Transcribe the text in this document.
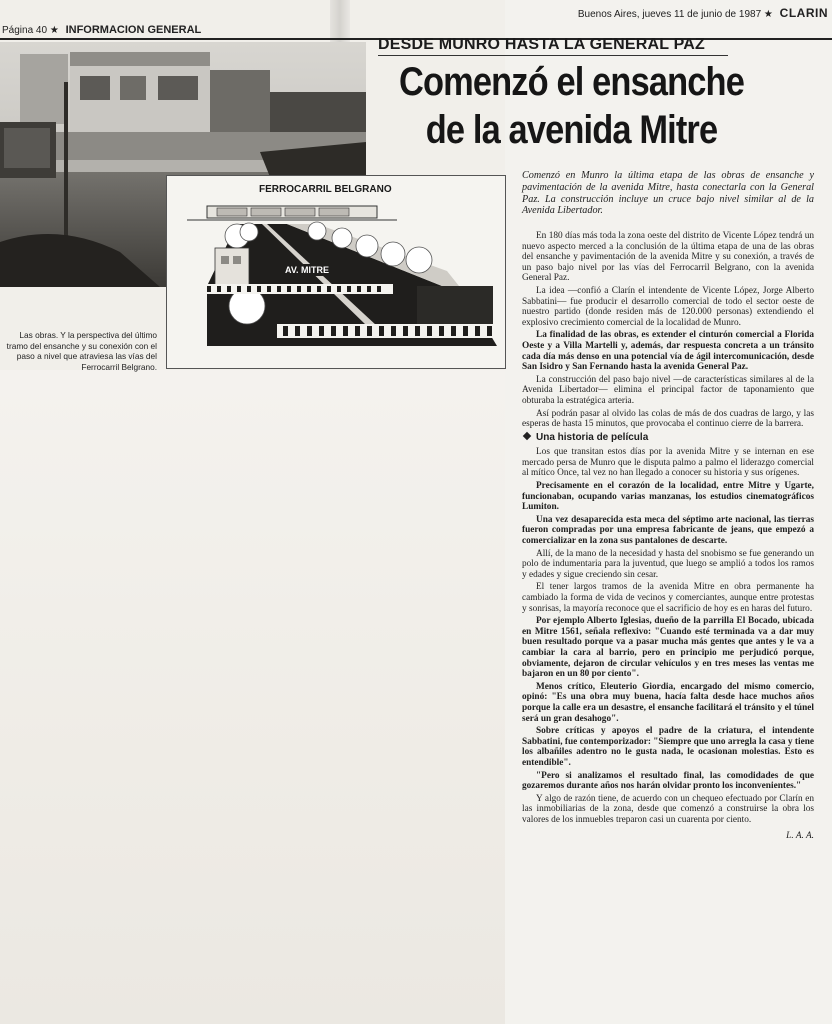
Página 40 ★ INFORMACION GENERAL
Buenos Aires, jueves 11 de junio de 1987 ★ CLARIN
FERROCARRIL BELGRANO
AV. MITRE
Las obras. Y la perspectiva del último tramo del ensanche y su conexión con el paso a nivel que atraviesa las vías del Ferrocarril Belgrano.
DESDE MUNRO HASTA LA GENERAL PAZ
Comenzó el ensanche
de la avenida Mitre
Comenzó en Munro la última etapa de las obras de ensanche y pavimentación de la avenida Mitre, hasta conectarla con la General Paz. La construcción incluye un cruce bajo nivel similar al de la Avenida Libertador.

En 180 días más toda la zona oeste del distrito de Vicente López tendrá un nuevo aspecto merced a la conclusión de la última etapa de una de las obras del ensanche y pavimentación de la avenida Mitre y su conexión, a través de un paso bajo nivel por las vías del Ferrocarril Belgrano, con la avenida General Paz.

La idea —confió a Clarín el intendente de Vicente López, Jorge Alberto Sabbatini— fue producir el desarrollo comercial de todo el sector oeste de nuestro partido (donde residen más de 120.000 personas) extendiendo el explosivo crecimiento comercial de la localidad de Munro.

La finalidad de las obras, es extender el cinturón comercial a Florida Oeste y a Villa Martelli y, además, dar respuesta concreta a un tránsito cada día más denso en una potencial vía de ágil intercomunicación, desde San Isidro y San Fernando hasta la avenida General Paz.

La construcción del paso bajo nivel —de características similares al de la Avenida Libertador— elimina el principal factor de taponamiento que obturaba la estratégica arteria.

Así podrán pasar al olvido las colas de más de dos cuadras de largo, y las esperas de hasta 15 minutos, que provocaba el continuo cierre de la barrera.

Una historia de película

Los que transitan estos días por la avenida Mitre y se internan en ese mercado persa de Munro que le disputa palmo a palmo el liderazgo comercial al mítico Once, tal vez no han llegado a conocer su historia y sus orígenes.

Precisamente en el corazón de la localidad, entre Mitre y Ugarte, funcionaban, ocupando varias manzanas, los estudios cinematográficos Lumiton.

Una vez desaparecida esta meca del séptimo arte nacional, las tierras fueron compradas por una empresa fabricante de jeans, que empezó a comercializar en la zona sus pantalones de descarte.

Allí, de la mano de la necesidad y hasta del snobismo se fue generando un polo de indumentaria para la juventud, que luego se amplió a todos los ramos y edades y sigue creciendo sin cesar.

El tener largos tramos de la avenida Mitre en obra permanente ha cambiado la forma de vida de vecinos y comerciantes, aunque entre protestas y sonrisas, la mayoría reconoce que el sacrificio de hoy es en haras del futuro.

Por ejemplo Alberto Iglesias, dueño de la parrilla El Bocado, ubicada en Mitre 1561, señala reflexivo: "Cuando esté terminada va a dar muy buen resultado porque va a pasar mucha más gentes que antes y le va a cambiar la cara al barrio, pero en principio me perjudicó porque, obviamente, dejaron de circular vehículos y en tres meses las ventas me bajaron en un 80 por ciento".

Menos crítico, Eleuterio Giordia, encargado del mismo comercio, opinó: "Es una obra muy buena, hacía falta desde hace muchos años porque la calle era un desastre, el ensanche facilitará el tránsito y el túnel será un gran desahogo".

Sobre críticas y apoyos el padre de la criatura, el intendente Sabbatini, fue contemporizador: "Siempre que uno arregla la casa y tiene los albañiles adentro no le gusta nada, le ocasionan molestias. Esto es entendible".

"Pero si analizamos el resultado final, las comodidades de que gozaremos durante años nos harán olvidar pronto los inconvenientes."

Y algo de razón tiene, de acuerdo con un chequeo efectuado por Clarín en las inmobiliarias de la zona, desde que comenzó a construirse la obra los valores de los inmuebles treparon casi un cuarenta por ciento.

L. A. A.
